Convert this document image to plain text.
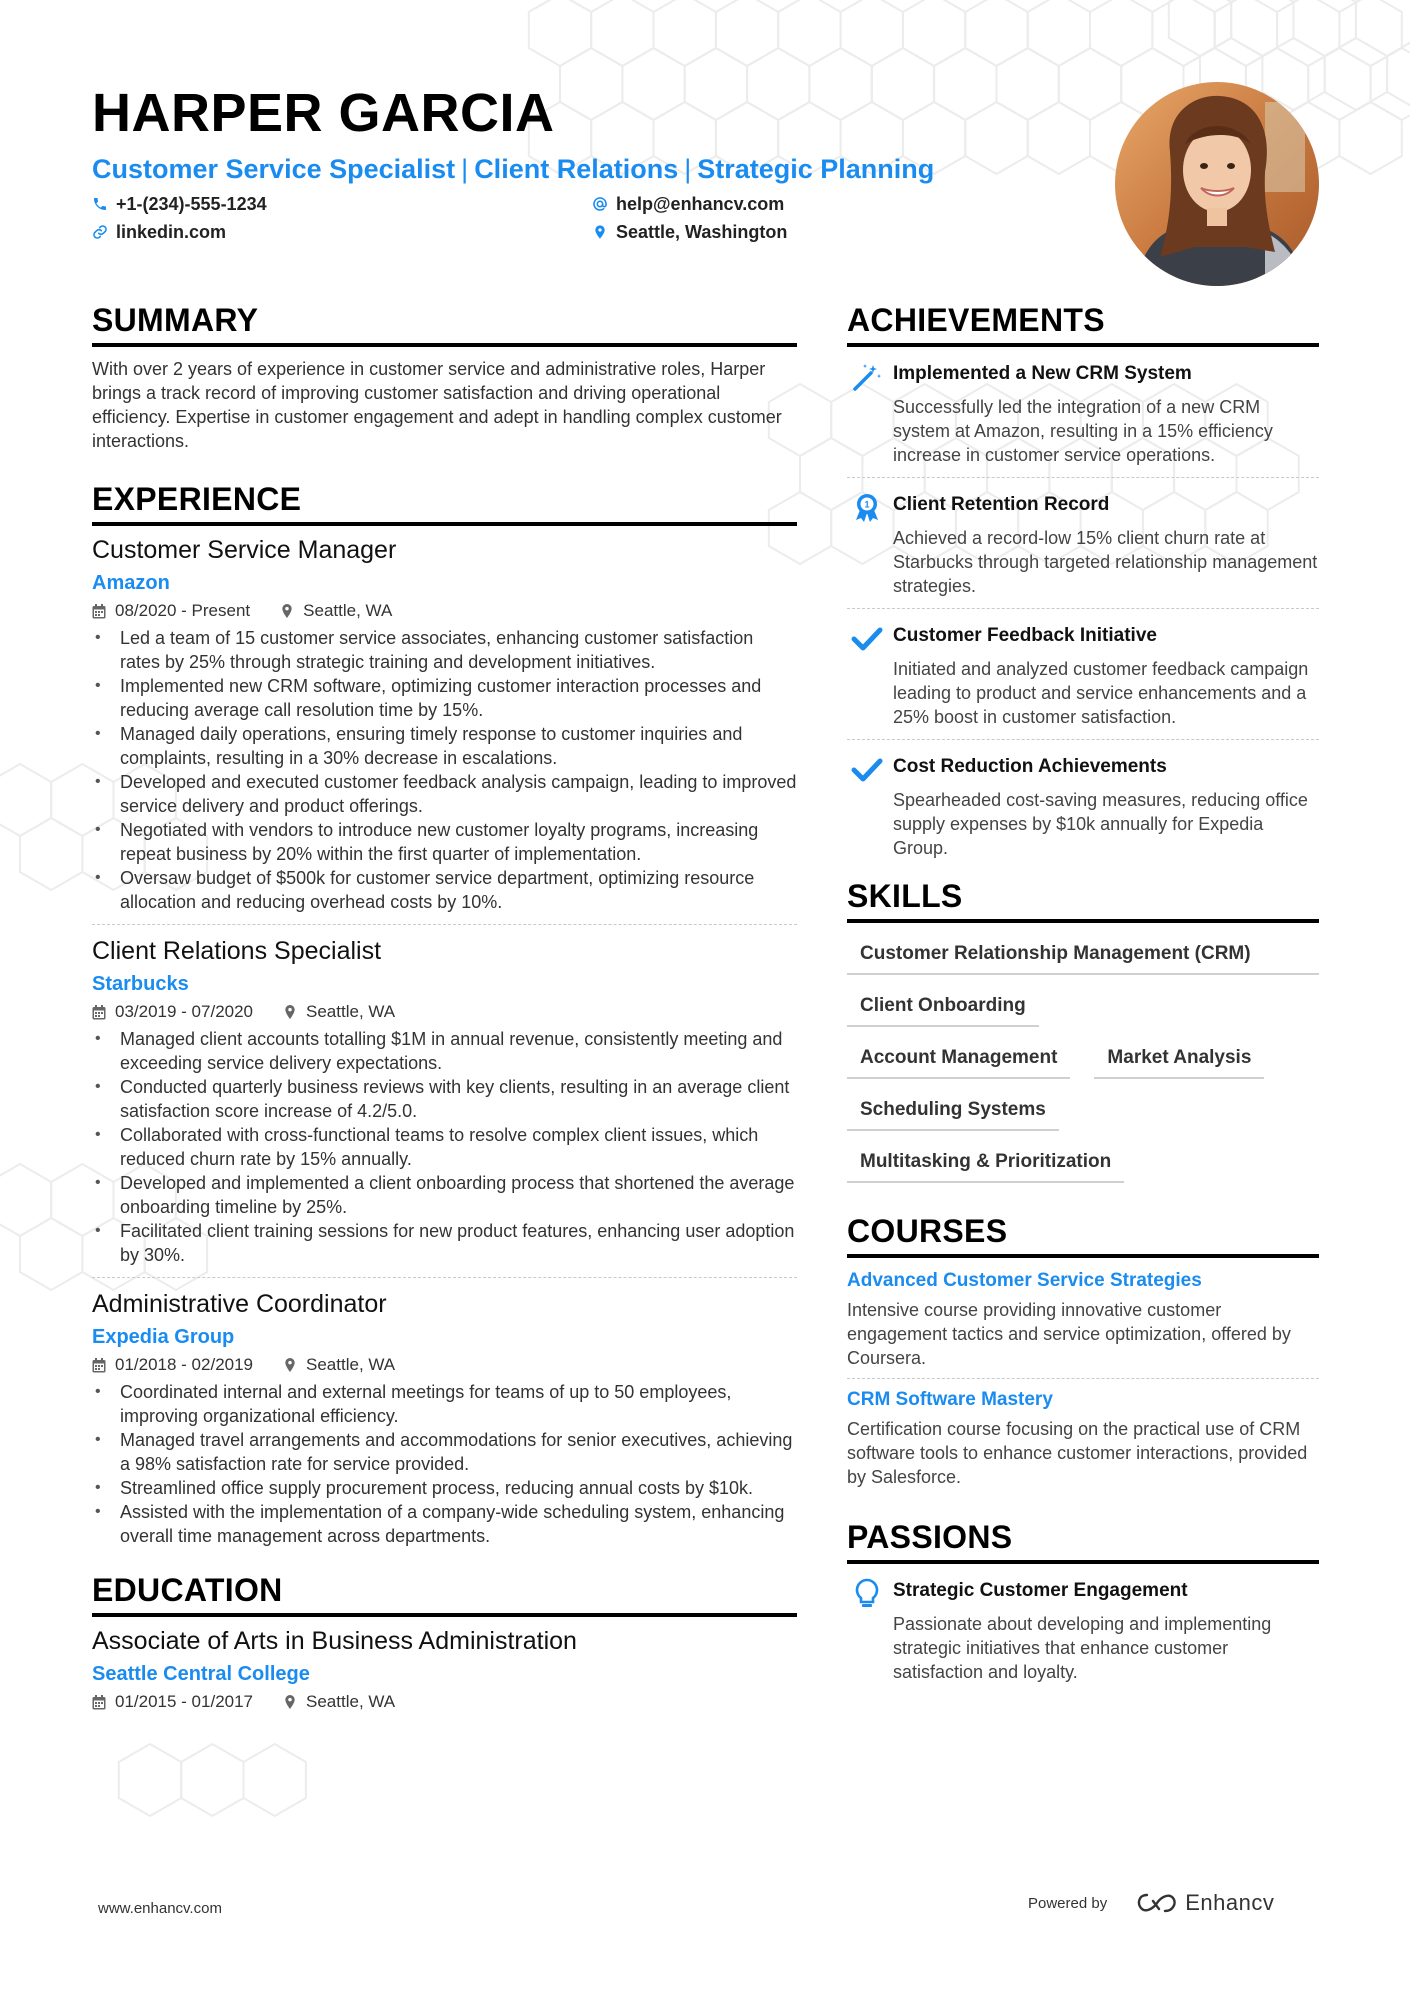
HARPER GARCIA
Customer Service Specialist | Client Relations | Strategic Planning
+1-(234)-555-1234	help@enhancv.com
linkedin.com	Seattle, Washington
SUMMARY

With over 2 years of experience in customer service and administrative roles, Harper brings a track record of improving customer satisfaction and driving operational efficiency. Expertise in customer engagement and adept in handling complex customer interactions.

EXPERIENCE
Customer Service Manager
Amazon
08/2020 - Present	Seattle, WA
• Led a team of 15 customer service associates, enhancing customer satisfaction rates by 25% through strategic training and development initiatives.
• Implemented new CRM software, optimizing customer interaction processes and reducing average call resolution time by 15%.
• Managed daily operations, ensuring timely response to customer inquiries and complaints, resulting in a 30% decrease in escalations.
• Developed and executed customer feedback analysis campaign, leading to improved service delivery and product offerings.
• Negotiated with vendors to introduce new customer loyalty programs, increasing repeat business by 20% within the first quarter of implementation.
• Oversaw budget of $500k for customer service department, optimizing resource allocation and reducing overhead costs by 10%.
Client Relations Specialist
Starbucks
03/2019 - 07/2020	Seattle, WA
• Managed client accounts totalling $1M in annual revenue, consistently meeting and exceeding service delivery expectations.
• Conducted quarterly business reviews with key clients, resulting in an average client satisfaction score increase of 4.2/5.0.
• Collaborated with cross-functional teams to resolve complex client issues, which reduced churn rate by 15% annually.
• Developed and implemented a client onboarding process that shortened the average onboarding timeline by 25%.
• Facilitated client training sessions for new product features, enhancing user adoption by 30%.
Administrative Coordinator
Expedia Group
01/2018 - 02/2019	Seattle, WA
• Coordinated internal and external meetings for teams of up to 50 employees, improving organizational efficiency.
• Managed travel arrangements and accommodations for senior executives, achieving a 98% satisfaction rate for service provided.
• Streamlined office supply procurement process, reducing annual costs by $10k.
• Assisted with the implementation of a company-wide scheduling system, enhancing overall time management across departments.
EDUCATION
Associate of Arts in Business Administration
Seattle Central College
01/2015 - 01/2017	Seattle, WA
ACHIEVEMENTS
Implemented a New CRM System
Successfully led the integration of a new CRM system at Amazon, resulting in a 15% efficiency increase in customer service operations.
1 Client Retention Record
Achieved a record-low 15% client churn rate at Starbucks through targeted relationship management strategies.
Customer Feedback Initiative
Initiated and analyzed customer feedback campaign leading to product and service enhancements and a 25% boost in customer satisfaction.
Cost Reduction Achievements
Spearheaded cost-saving measures, reducing office supply expenses by $10k annually for Expedia Group.
SKILLS
Customer Relationship Management (CRM)
Client Onboarding
Account Management	Market Analysis
Scheduling Systems
Multitasking & Prioritization
COURSES
Advanced Customer Service Strategies
Intensive course providing innovative customer engagement tactics and service optimization, offered by Coursera.
CRM Software Mastery
Certification course focusing on the practical use of CRM software tools to enhance customer interactions, provided by Salesforce.
PASSIONS
Strategic Customer Engagement
Passionate about developing and implementing strategic initiatives that enhance customer satisfaction and loyalty.
www.enhancv.com	Powered by	Enhancv
